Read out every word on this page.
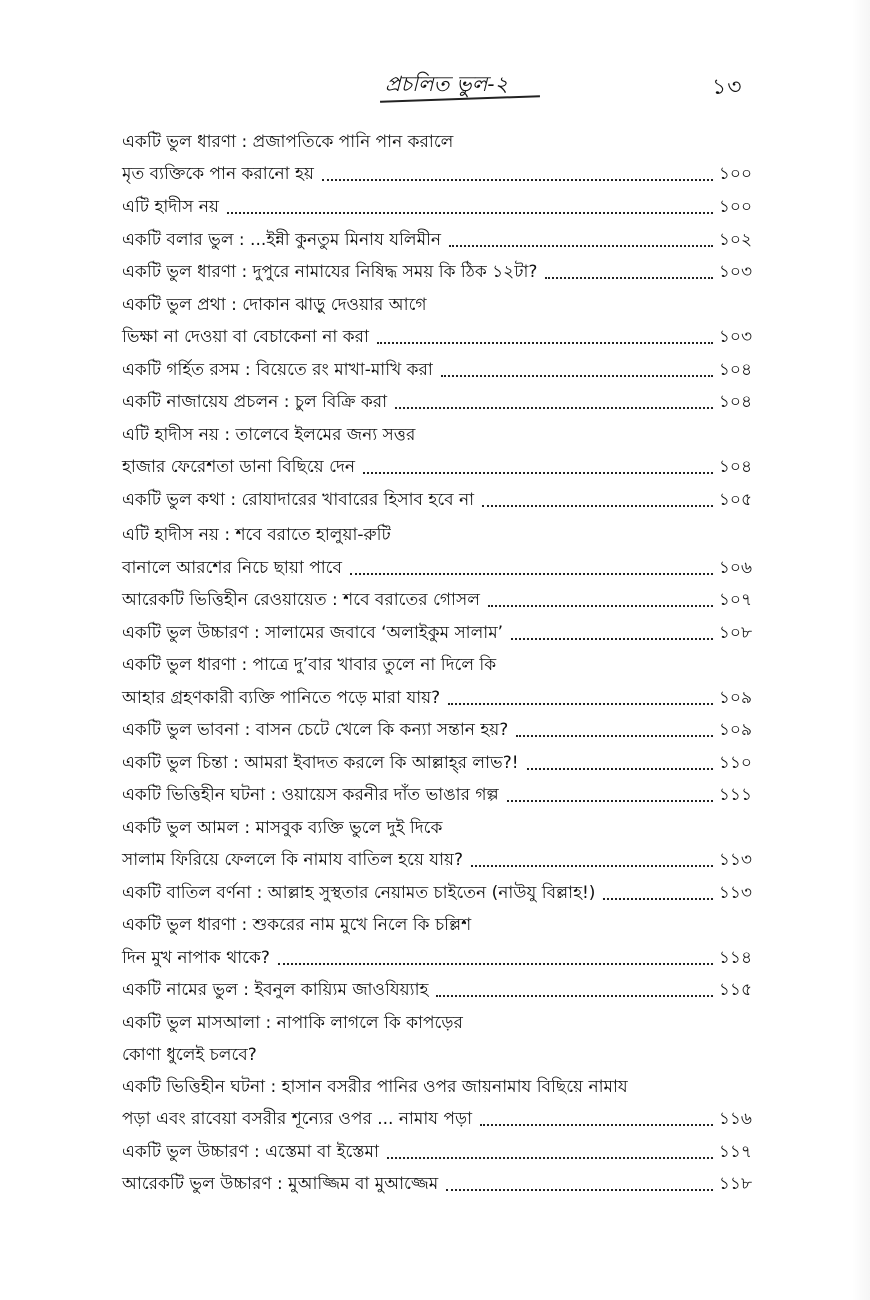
প্রচলিত ভুল-২	১৩
একটি ভুল ধারণা : প্রজাপতিকে পানি পান করালে
মৃত ব্যক্তিকে পান করানো হয়	১০০
এটি হাদীস নয়	১০০
একটি বলার ভুল : ...ইন্নী কুনতুম মিনায যলিমীন	১০২
একটি ভুল ধারণা : দুপুরে নামাযের নিষিদ্ধ সময় কি ঠিক ১২টা?	১০৩
একটি ভুল প্রথা : দোকান ঝাড়ু দেওয়ার আগে
ভিক্ষা না দেওয়া বা বেচাকেনা না করা	১০৩
একটি গর্হিত রসম : বিয়েতে রং মাখা-মাখি করা	১০৪
একটি নাজায়েয প্রচলন : চুল বিক্রি করা	১০৪
এটি হাদীস নয় : তালেবে ইলমের জন্য সত্তর
হাজার ফেরেশতা ডানা বিছিয়ে দেন	১০৪
একটি ভুল কথা : রোযাদারের খাবারের হিসাব হবে না	১০৫
এটি হাদীস নয় : শবে বরাতে হালুয়া-রুটি
বানালে আরশের নিচে ছায়া পাবে	১০৬
আরেকটি ভিত্তিহীন রেওয়ায়েত : শবে বরাতের গোসল	১০৭
একটি ভুল উচ্চারণ : সালামের জবাবে ‘অলাইকুম সালাম’	১০৮
একটি ভুল ধারণা : পাত্রে দু’বার খাবার তুলে না দিলে কি
আহার গ্রহণকারী ব্যক্তি পানিতে পড়ে মারা যায়?	১০৯
একটি ভুল ভাবনা : বাসন চেটে খেলে কি কন্যা সন্তান হয়?	১০৯
একটি ভুল চিন্তা : আমরা ইবাদত করলে কি আল্লাহ্‌র লাভ?!	১১০
একটি ভিত্তিহীন ঘটনা : ওয়ায়েস করনীর দাঁত ভাঙার গল্প	১১১
একটি ভুল আমল : মাসবুক ব্যক্তি ভুলে দুই দিকে
সালাম ফিরিয়ে ফেললে কি নামায বাতিল হয়ে যায়?	১১৩
একটি বাতিল বর্ণনা : আল্লাহ সুস্থতার নেয়ামত চাইতেন (নাউযু বিল্লাহ!)	১১৩
একটি ভুল ধারণা : শুকরের নাম মুখে নিলে কি চল্লিশ
দিন মুখ নাপাক থাকে?	১১৪
একটি নামের ভুল : ইবনুল কায়্যিম জাওযিয়্যাহ	১১৫
একটি ভুল মাসআলা : নাপাকি লাগলে কি কাপড়ের
কোণা ধুলেই চলবে?
একটি ভিত্তিহীন ঘটনা : হাসান বসরীর পানির ওপর জায়নামায বিছিয়ে নামায
পড়া এবং রাবেয়া বসরীর শূন্যের ওপর ... নামায পড়া	১১৬
একটি ভুল উচ্চারণ : এস্তেমা বা ইস্তেমা	১১৭
আরেকটি ভুল উচ্চারণ : মুআজ্জিম বা মুআজ্জেম	১১৮
